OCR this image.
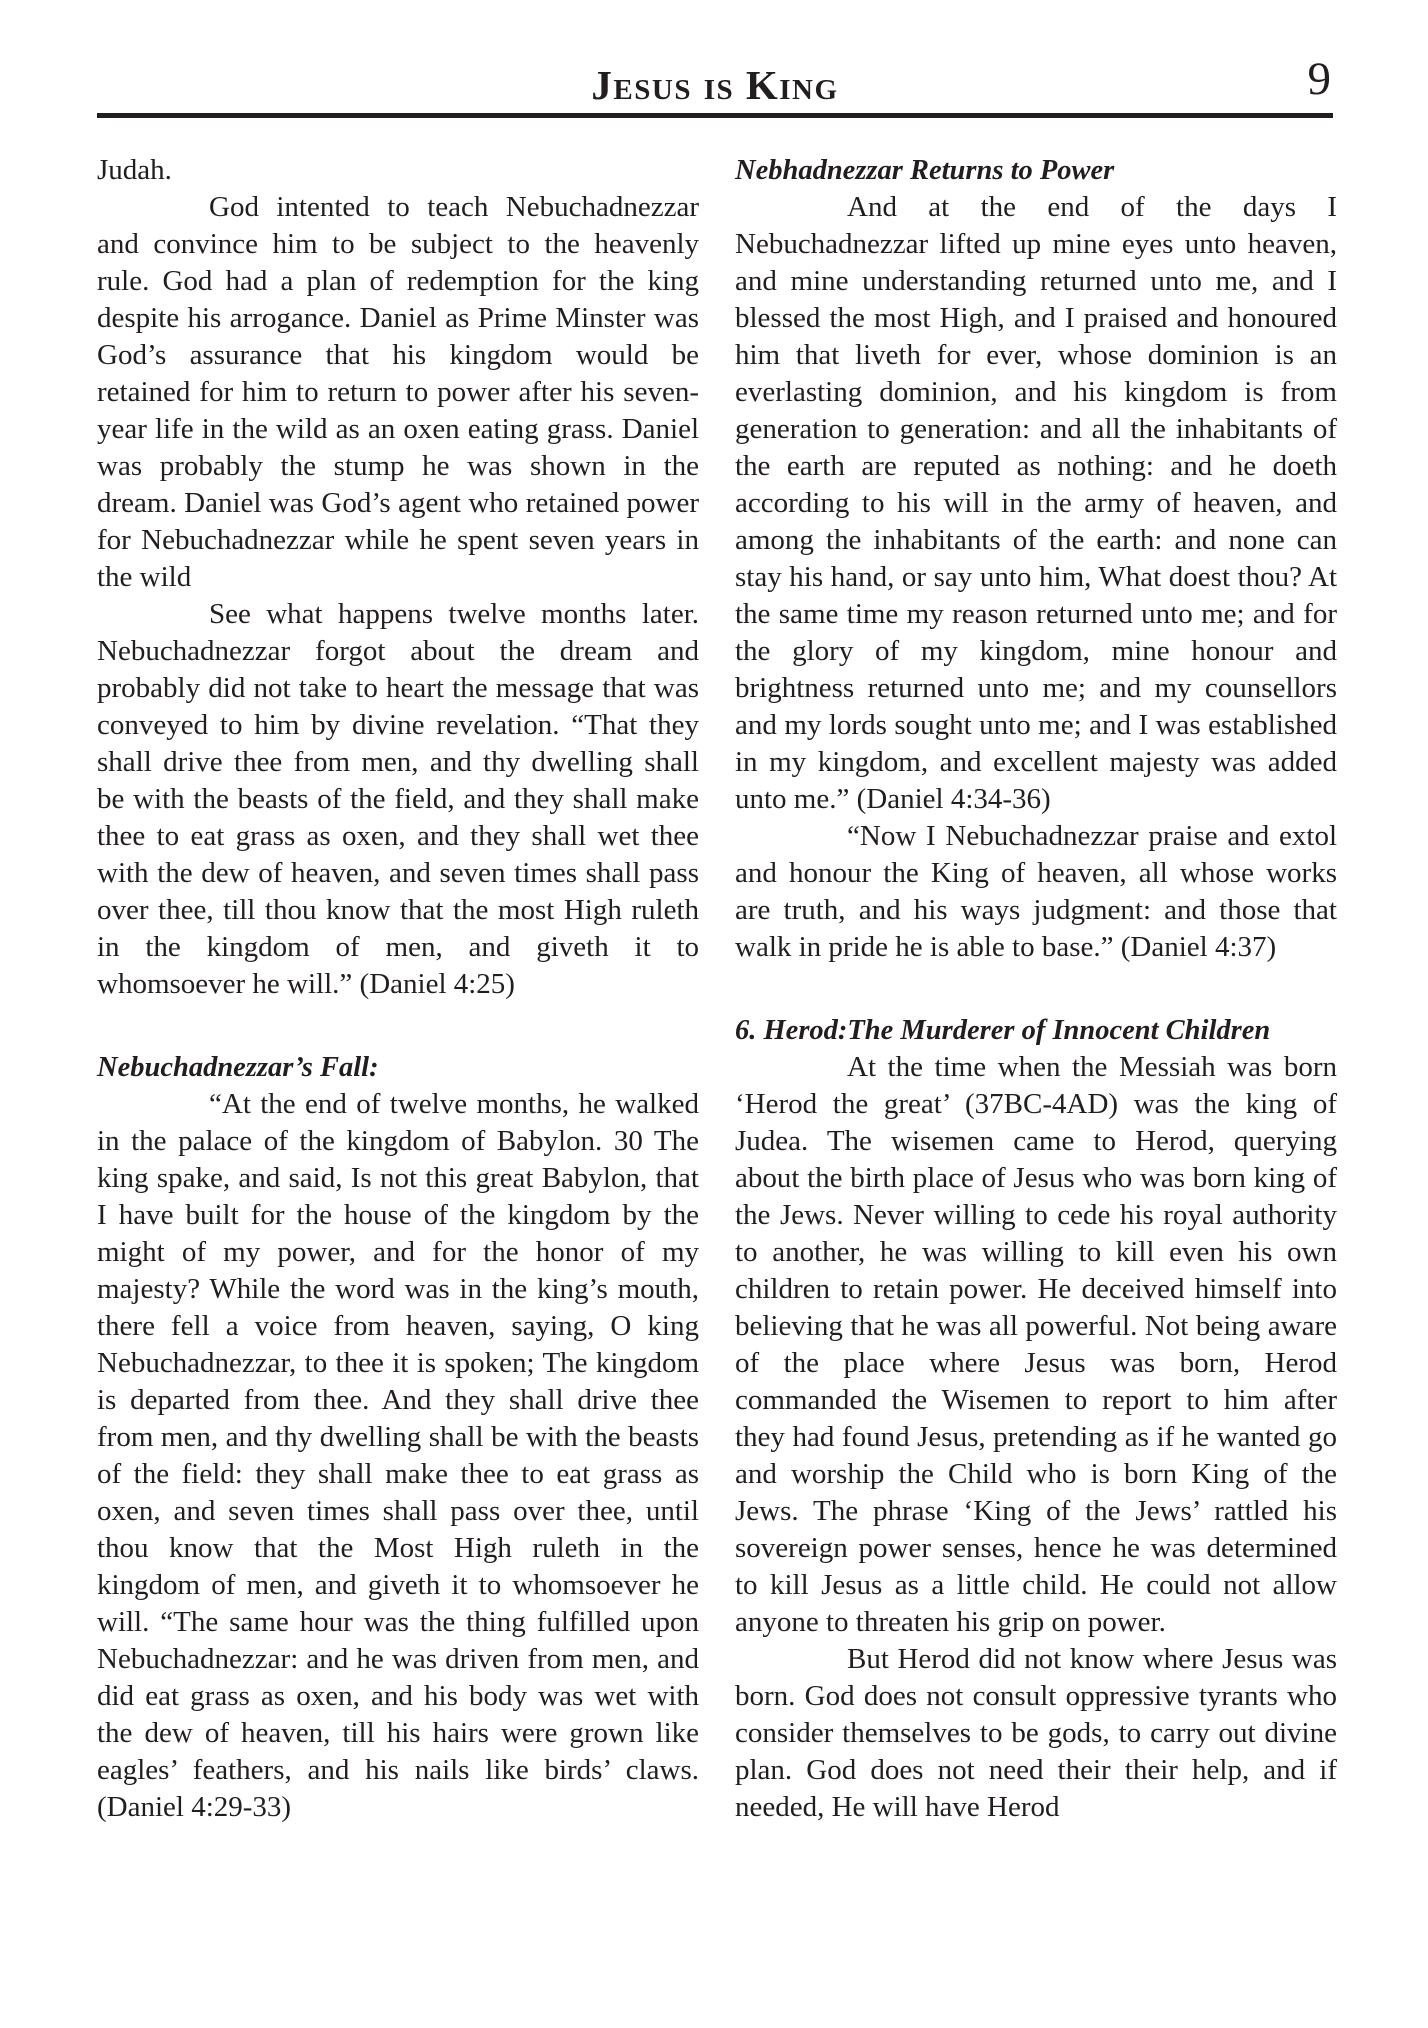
Jesus is King	9

Judah.

God intented to teach Nebuchadnezzar and convince him to be subject to the heavenly rule. God had a plan of redemption for the king despite his arrogance. Daniel as Prime Minster was God’s assurance that his kingdom would be retained for him to return to power after his seven-year life in the wild as an oxen eating grass. Daniel was probably the stump he was shown in the dream. Daniel was God’s agent who retained power for Nebuchadnezzar while he spent seven years in the wild

See what happens twelve months later. Nebuchadnezzar forgot about the dream and probably did not take to heart the message that was conveyed to him by divine revelation. “That they shall drive thee from men, and thy dwelling shall be with the beasts of the field, and they shall make thee to eat grass as oxen, and they shall wet thee with the dew of heaven, and seven times shall pass over thee, till thou know that the most High ruleth in the kingdom of men, and giveth it to whomsoever he will.” (Daniel 4:25)

Nebuchadnezzar’s Fall:

“At the end of twelve months, he walked in the palace of the kingdom of Babylon. 30 The king spake, and said, Is not this great Babylon, that I have built for the house of the kingdom by the might of my power, and for the honor of my majesty? While the word was in the king’s mouth, there fell a voice from heaven, saying, O king Nebuchadnezzar, to thee it is spoken; The kingdom is departed from thee. And they shall drive thee from men, and thy dwelling shall be with the beasts of the field: they shall make thee to eat grass as oxen, and seven times shall pass over thee, until thou know that the Most High ruleth in the kingdom of men, and giveth it to whomsoever he will. “The same hour was the thing fulfilled upon Nebuchadnezzar: and he was driven from men, and did eat grass as oxen, and his body was wet with the dew of heaven, till his hairs were grown like eagles’ feathers, and his nails like birds’ claws. (Daniel 4:29-33)

Nebhadnezzar Returns to Power

And at the end of the days I Nebuchadnezzar lifted up mine eyes unto heaven, and mine understanding returned unto me, and I blessed the most High, and I praised and honoured him that liveth for ever, whose dominion is an everlasting dominion, and his kingdom is from generation to generation: and all the inhabitants of the earth are reputed as nothing: and he doeth according to his will in the army of heaven, and among the inhabitants of the earth: and none can stay his hand, or say unto him, What doest thou? At the same time my reason returned unto me; and for the glory of my kingdom, mine honour and brightness returned unto me; and my counsellors and my lords sought unto me; and I was established in my kingdom, and excellent majesty was added unto me.” (Daniel 4:34-36)

“Now I Nebuchadnezzar praise and extol and honour the King of heaven, all whose works are truth, and his ways judgment: and those that walk in pride he is able to base.” (Daniel 4:37)

6. Herod:The Murderer of Innocent Children

At the time when the Messiah was born ‘Herod the great’ (37BC-4AD) was the king of Judea. The wisemen came to Herod, querying about the birth place of Jesus who was born king of the Jews. Never willing to cede his royal authority to another, he was willing to kill even his own children to retain power. He deceived himself into believing that he was all powerful. Not being aware of the place where Jesus was born, Herod commanded the Wisemen to report to him after they had found Jesus, pretending as if he wanted go and worship the Child who is born King of the Jews. The phrase ‘King of the Jews’ rattled his sovereign power senses, hence he was determined to kill Jesus as a little child. He could not allow anyone to threaten his grip on power.

But Herod did not know where Jesus was born. God does not consult oppressive tyrants who consider themselves to be gods, to carry out divine plan. God does not need their their help, and if needed, He will have Herod
